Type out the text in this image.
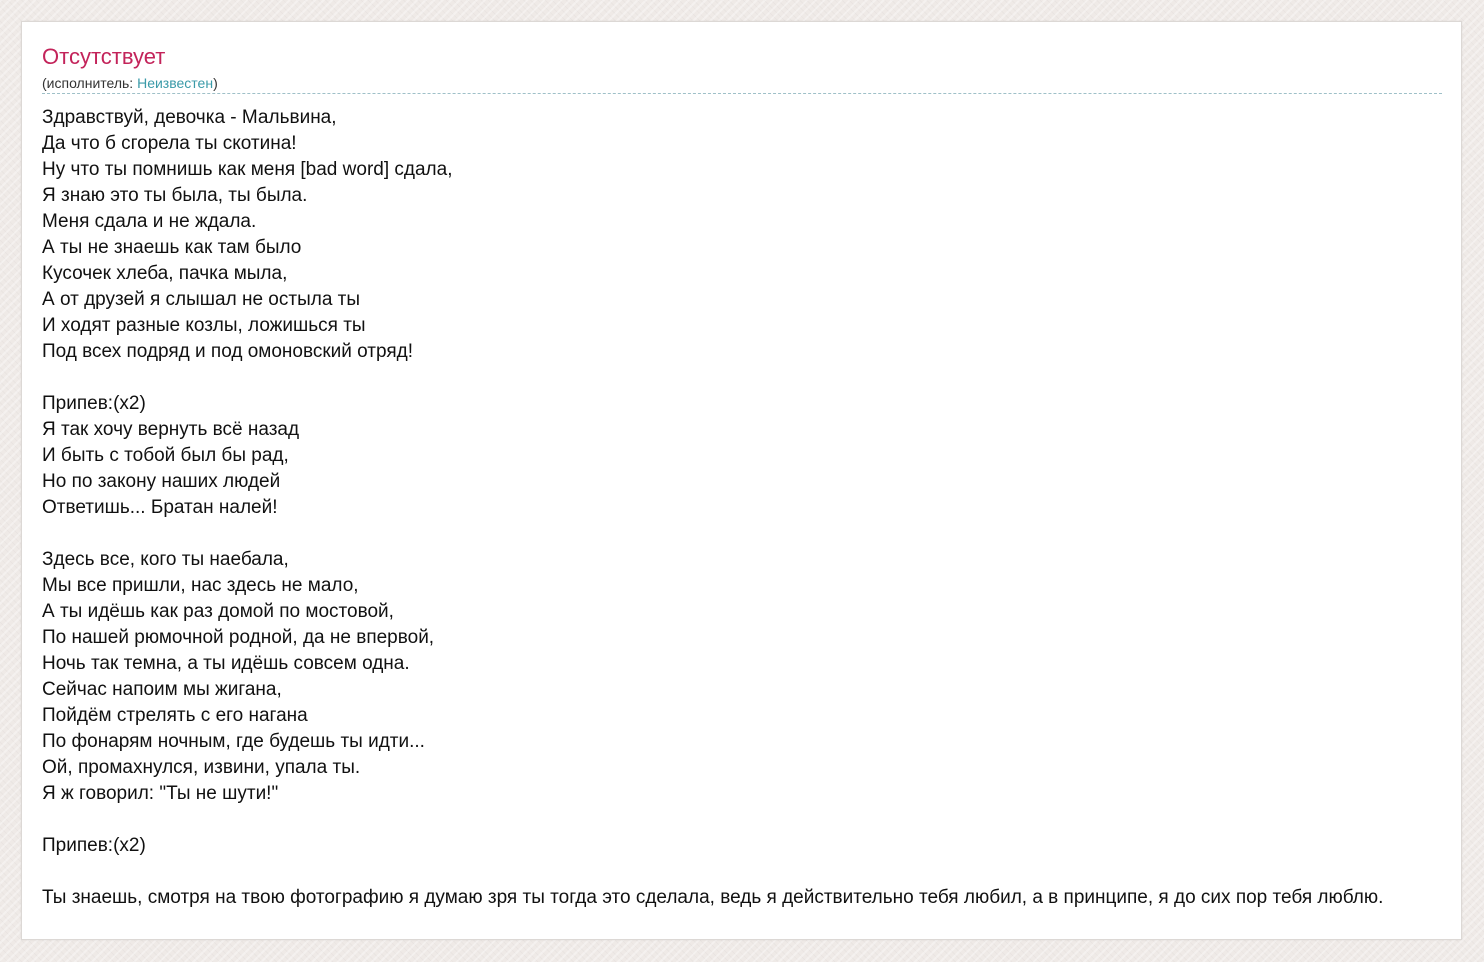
Отсутствует
(исполнитель: Неизвестен)
Здравствуй, девочка - Мальвина,
Да что б сгорела ты скотина!
Ну что ты помнишь как меня [bad word] сдала,
Я знаю это ты была, ты была.
Меня сдала и не ждала.
А ты не знаешь как там было
Кусочек хлеба, пачка мыла,
А от друзей я слышал не остыла ты
И ходят разные козлы, ложишься ты
Под всех подряд и под омоновский отряд!
Припев:(x2)
Я так хочу вернуть всё назад
И быть с тобой был бы рад,
Но по закону наших людей
Ответишь... Братан налей!
Здесь все, кого ты наебала,
Мы все пришли, нас здесь не мало,
А ты идёшь как раз домой по мостовой,
По нашей рюмочной родной, да не впервой,
Ночь так темна, а ты идёшь совсем одна.
Сейчас напоим мы жигана,
Пойдём стрелять с его нагана
По фонарям ночным, где будешь ты идти...
Ой, промахнулся, извини, упала ты.
Я ж говорил: "Ты не шути!"
Припев:(x2)
Ты знаешь, смотря на твою фотографию я думаю зря ты тогда это сделала, ведь я действительно тебя любил, а в принципе, я до сих пор тебя люблю.
